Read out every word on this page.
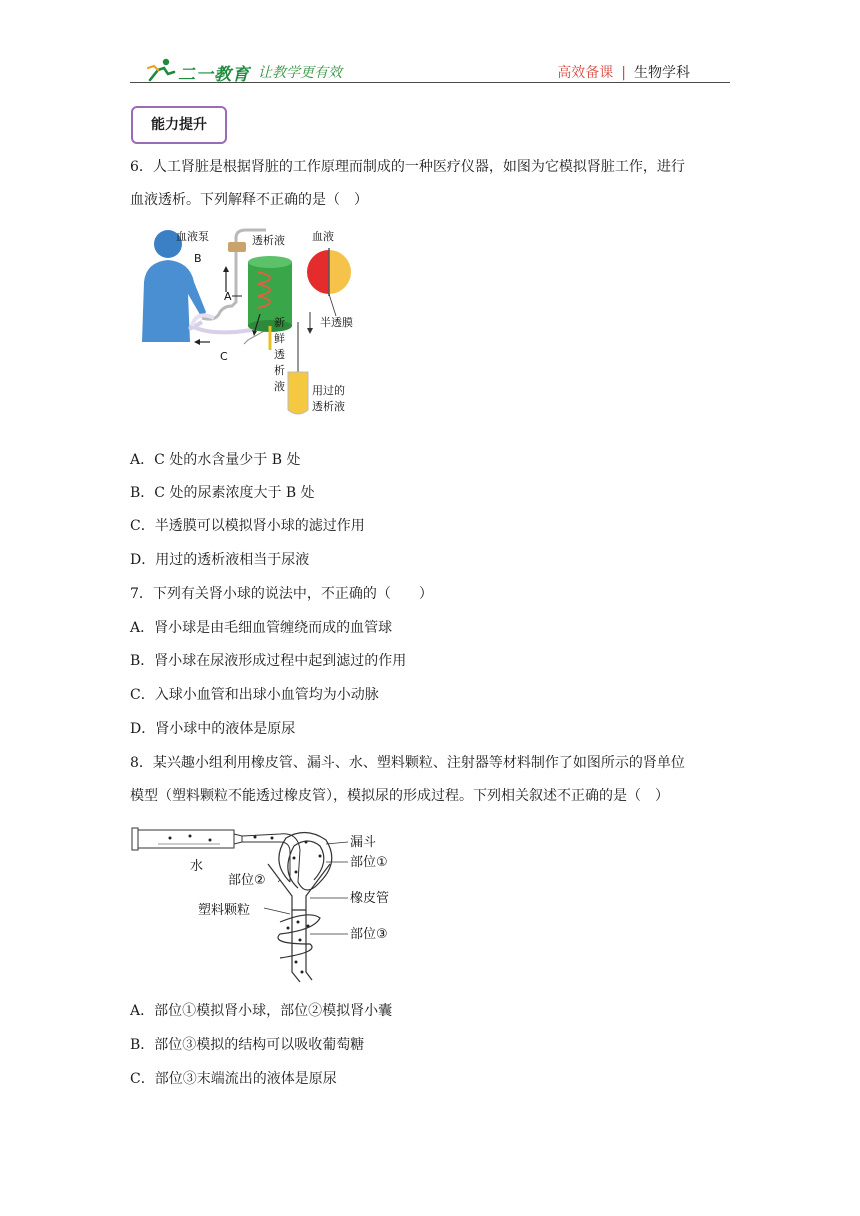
二一教育 让教学更有效	高效备课 | 生物学科
能力提升
6．人工肾脏是根据肾脏的工作原理而制成的一种医疗仪器，如图为它模拟肾脏工作，进行
血液透析。下列解释不正确的是（　）
血液泵	透析液 血液
B
A
C
半透膜
新
鲜
透
析
液 用过的
透析液
A．C 处的水含量少于 B 处
B．C 处的尿素浓度大于 B 处
C．半透膜可以模拟肾小球的滤过作用
D．用过的透析液相当于尿液
7．下列有关肾小球的说法中，不正确的（　　）
A．肾小球是由毛细血管缠绕而成的血管球
B．肾小球在尿液形成过程中起到滤过的作用
C．入球小血管和出球小血管均为小动脉
D．肾小球中的液体是原尿
8．某兴趣小组利用橡皮管、漏斗、水、塑料颗粒、注射器等材料制作了如图所示的肾单位
模型（塑料颗粒不能透过橡皮管），模拟尿的形成过程。下列相关叙述不正确的是（　）
水
漏斗
部位①
部位②
橡皮管
塑料颗粒
部位③
A．部位①模拟肾小球，部位②模拟肾小囊
B．部位③模拟的结构可以吸收葡萄糖
C．部位③末端流出的液体是原尿
